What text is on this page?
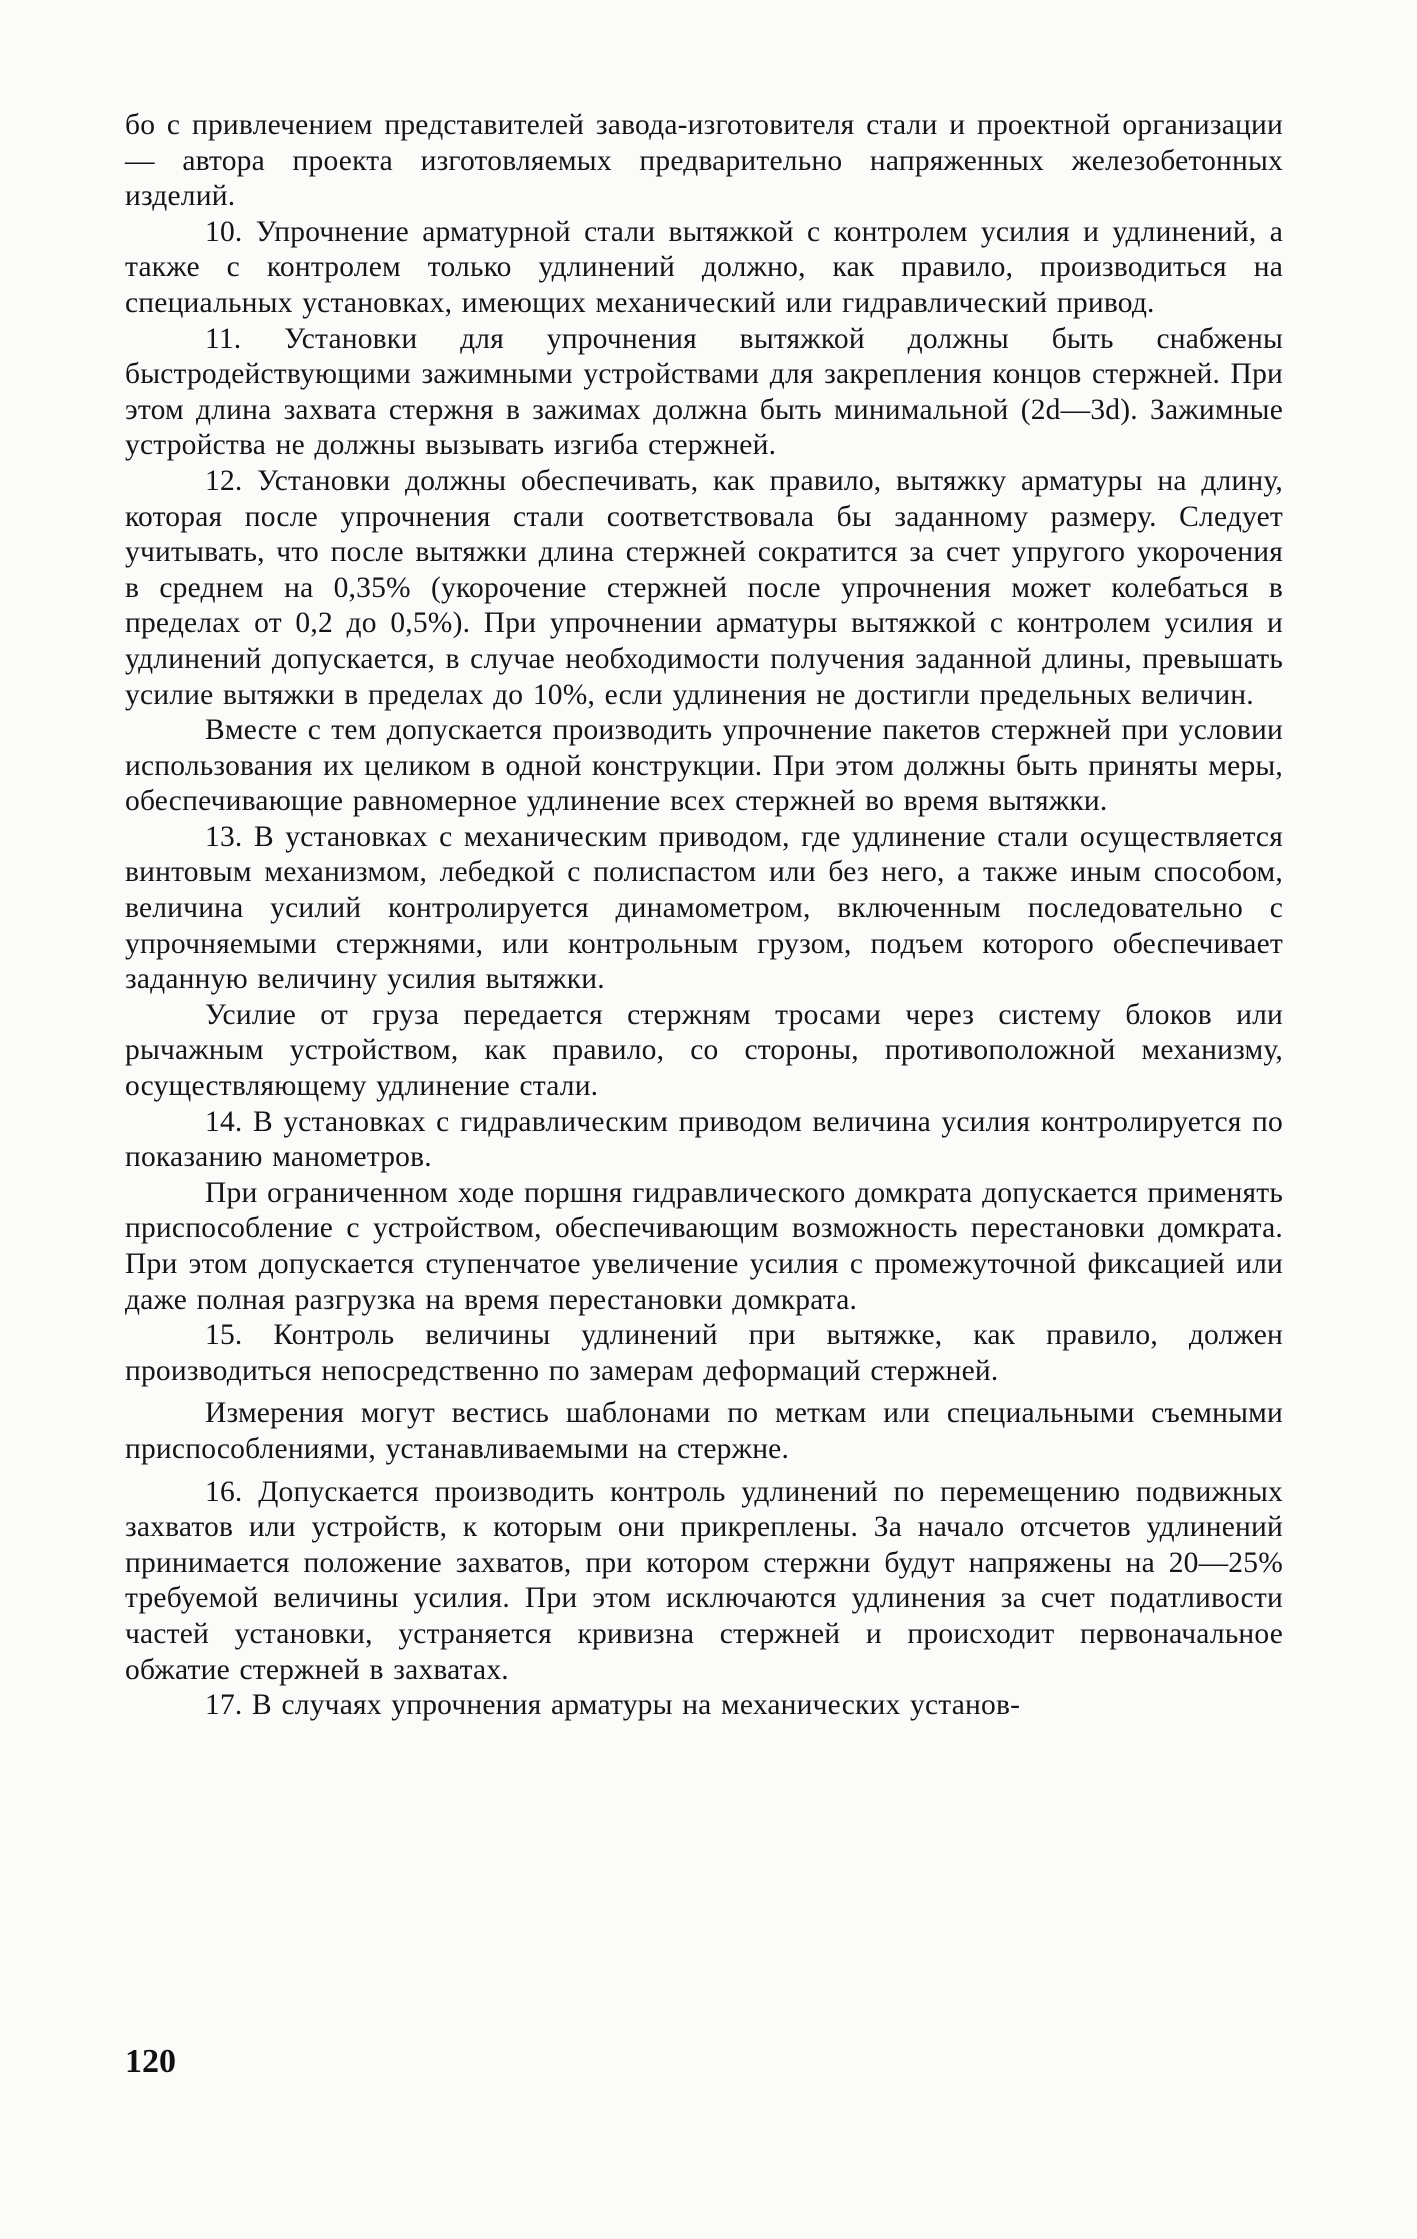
бо с привлечением представителей завода-изготовителя стали и проектной организации — автора проекта изготовляемых предварительно напряженных железобетонных изделий.

10. Упрочнение арматурной стали вытяжкой с контролем усилия и удлинений, а также с контролем только удлинений должно, как правило, производиться на специальных установках, имеющих механический или гидравлический привод.

11. Установки для упрочнения вытяжкой должны быть снабжены быстродействующими зажимными устройствами для закрепления концов стержней. При этом длина захвата стержня в зажимах должна быть минимальной (2d—3d). Зажимные устройства не должны вызывать изгиба стержней.

12. Установки должны обеспечивать, как правило, вытяжку арматуры на длину, которая после упрочнения стали соответствовала бы заданному размеру. Следует учитывать, что после вытяжки длина стержней сократится за счет упругого укорочения в среднем на 0,35% (укорочение стержней после упрочнения может колебаться в пределах от 0,2 до 0,5%). При упрочнении арматуры вытяжкой с контролем усилия и удлинений допускается, в случае необходимости получения заданной длины, превышать усилие вытяжки в пределах до 10%, если удлинения не достигли предельных величин.

Вместе с тем допускается производить упрочнение пакетов стержней при условии использования их целиком в одной конструкции. При этом должны быть приняты меры, обеспечивающие равномерное удлинение всех стержней во время вытяжки.

13. В установках с механическим приводом, где удлинение стали осуществляется винтовым механизмом, лебедкой с полиспастом или без него, а также иным способом, величина усилий контролируется динамометром, включенным последовательно с упрочняемыми стержнями, или контрольным грузом, подъем которого обеспечивает заданную величину усилия вытяжки.

Усилие от груза передается стержням тросами через систему блоков или рычажным устройством, как правило, со стороны, противоположной механизму, осуществляющему удлинение стали.

14. В установках с гидравлическим приводом величина усилия контролируется по показанию манометров.

При ограниченном ходе поршня гидравлического домкрата допускается применять приспособление с устройством, обеспечивающим возможность перестановки домкрата. При этом допускается ступенчатое увеличение усилия с промежуточной фиксацией или даже полная разгрузка на время перестановки домкрата.

15. Контроль величины удлинений при вытяжке, как правило, должен производиться непосредственно по замерам деформаций стержней.

Измерения могут вестись шаблонами по меткам или специальными съемными приспособлениями, устанавливаемыми на стержне.

16. Допускается производить контроль удлинений по перемещению подвижных захватов или устройств, к которым они прикреплены. За начало отсчетов удлинений принимается положение захватов, при котором стержни будут напряжены на 20—25% требуемой величины усилия. При этом исключаются удлинения за счет податливости частей установки, устраняется кривизна стержней и происходит первоначальное обжатие стержней в захватах.

17. В случаях упрочнения арматуры на механических установ-

120
